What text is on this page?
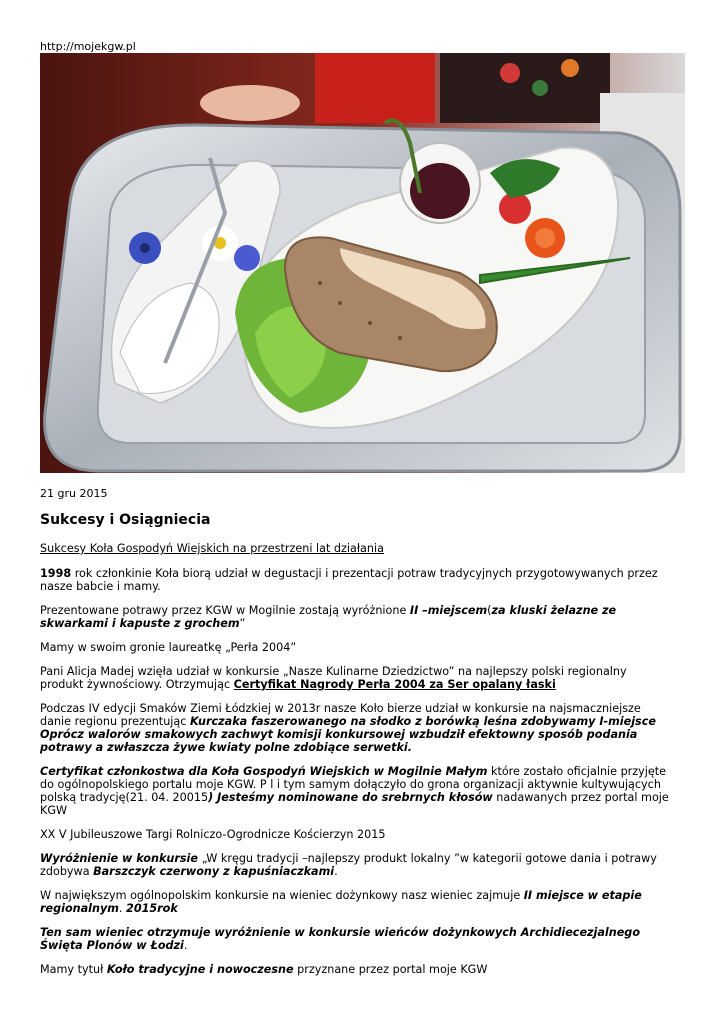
http://mojekgw.pl
21 gru 2015
Sukcesy i Osiągniecia

Sukcesy Koła Gospodyń Wiejskich na przestrzeni lat działania

1998 rok członkinie Koła biorą udział w degustacji i prezentacji potraw tradycyjnych przygotowywanych przez nasze babcie i mamy.

Prezentowane potrawy przez KGW w Mogilnie zostają wyróżnione II –miejscem(za kluski żelazne ze skwarkami i kapuste z grochem”

Mamy w swoim gronie laureatkę „Perła 2004”

Pani Alicja Madej wzięła udział w konkursie „Nasze Kulinarne Dziedzictwo” na najlepszy polski regionalny produkt żywnościowy. Otrzymując Certyfikat Nagrody Perła 2004 za Ser opalany łaski

Podczas IV edycji Smaków Ziemi Łódzkiej w 2013r nasze Koło bierze udział w konkursie na najsmaczniejsze danie regionu prezentując Kurczaka faszerowanego na słodko z borówką leśna zdobywamy I-miejsce Oprócz walorów smakowych zachwyt komisji konkursowej wzbudził efektowny sposób podania potrawy a zwłaszcza żywe kwiaty polne zdobiące serwetki.

Certyfikat członkostwa dla Koła Gospodyń Wiejskich w Mogilnie Małym które zostało oficjalnie przyjęte do ogólnopolskiego portalu moje KGW. P l i tym samym dołączyło do grona organizacji aktywnie kultywujących polską tradycję(21. 04. 20015) Jesteśmy nominowane do srebrnych kłosów nadawanych przez portal moje KGW

XX V Jubileuszowe Targi Rolniczo-Ogrodnicze Kościerzyn 2015

Wyróżnienie w konkursie „W kręgu tradycji –najlepszy produkt lokalny ”w kategorii gotowe dania i potrawy zdobywa Barszczyk czerwony z kapuśniaczkami.

W największym ogólnopolskim konkursie na wieniec dożynkowy nasz wieniec zajmuje II miejsce w etapie regionalnym. 2015rok

Ten sam wieniec otrzymuje wyróżnienie w konkursie wieńców dożynkowych Archidiecezjalnego Święta Plonów w Łodzi.

Mamy tytuł Koło tradycyjne i nowoczesne przyznane przez portal moje KGW
